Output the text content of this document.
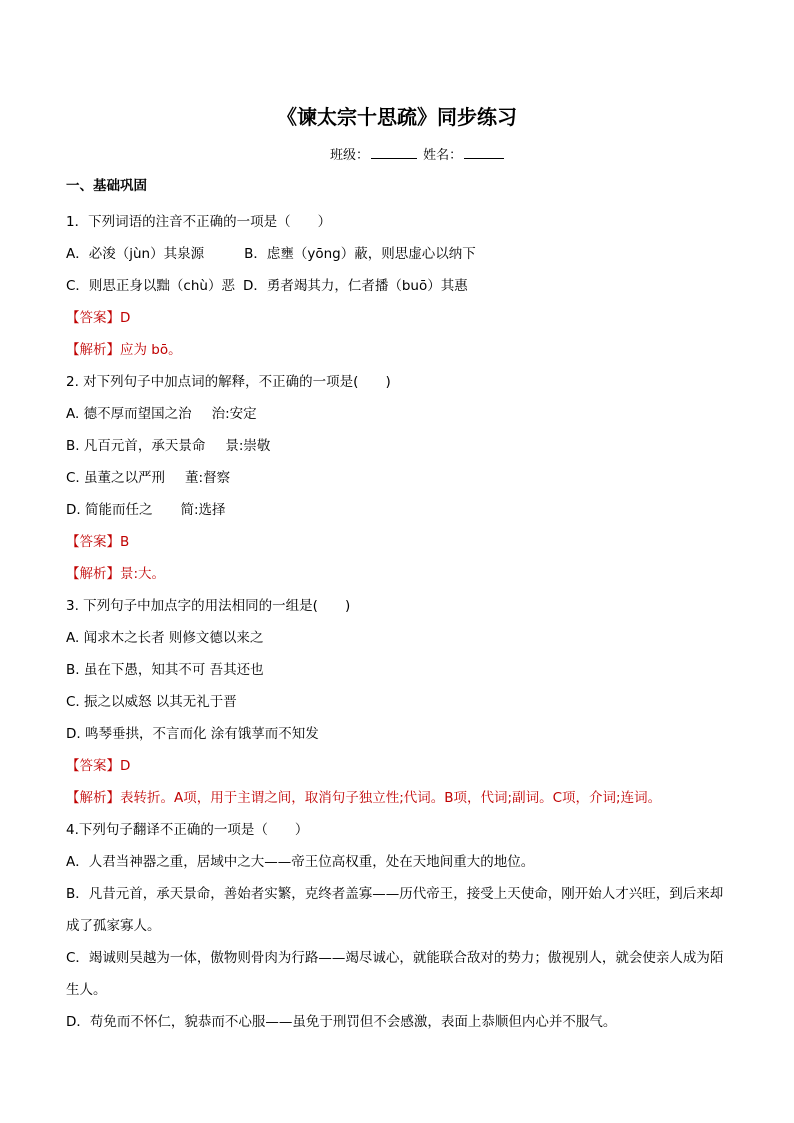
《谏太宗十思疏》同步练习
班级：	姓名：
一、基础巩固
1．下列词语的注音不正确的一项是（　　）
A．必浚（jùn）其泉源	B．虑壅（yōng）蔽，则思虚心以纳下
C．则思正身以黜（chù）恶 D．勇者竭其力，仁者播（buō）其惠
【答案】D
【解析】应为 bō。
2. 对下列句子中加点词的解释，不正确的一项是(　　)
A. 德不厚而望国之治 治:安定
B. 凡百元首，承天景命 景:崇敬
C. 虽董之以严刑 董:督察
D. 简能而任之 简:选择
【答案】B
【解析】景:大。
3. 下列句子中加点字的用法相同的一组是(　　)
A. 闻求木之长者 则修文德以来之
B. 虽在下愚，知其不可 吾其还也
C. 振之以威怒 以其无礼于晋
D. 鸣琴垂拱，不言而化 涂有饿莩而不知发
【答案】D
【解析】表转折。A项，用于主谓之间，取消句子独立性;代词。B项，代词;副词。C项，介词;连词。
4.下列句子翻译不正确的一项是（　　）
A．人君当神器之重，居域中之大——帝王位高权重，处在天地间重大的地位。
B．凡昔元首，承天景命，善始者实繁，克终者盖寡——历代帝王，接受上天使命，刚开始人才兴旺，到后来却成了孤家寡人。
C．竭诚则吴越为一体，傲物则骨肉为行路——竭尽诚心，就能联合敌对的势力；傲视别人，就会使亲人成为陌生人。
D．苟免而不怀仁，貌恭而不心服——虽免于刑罚但不会感激，表面上恭顺但内心并不服气。
